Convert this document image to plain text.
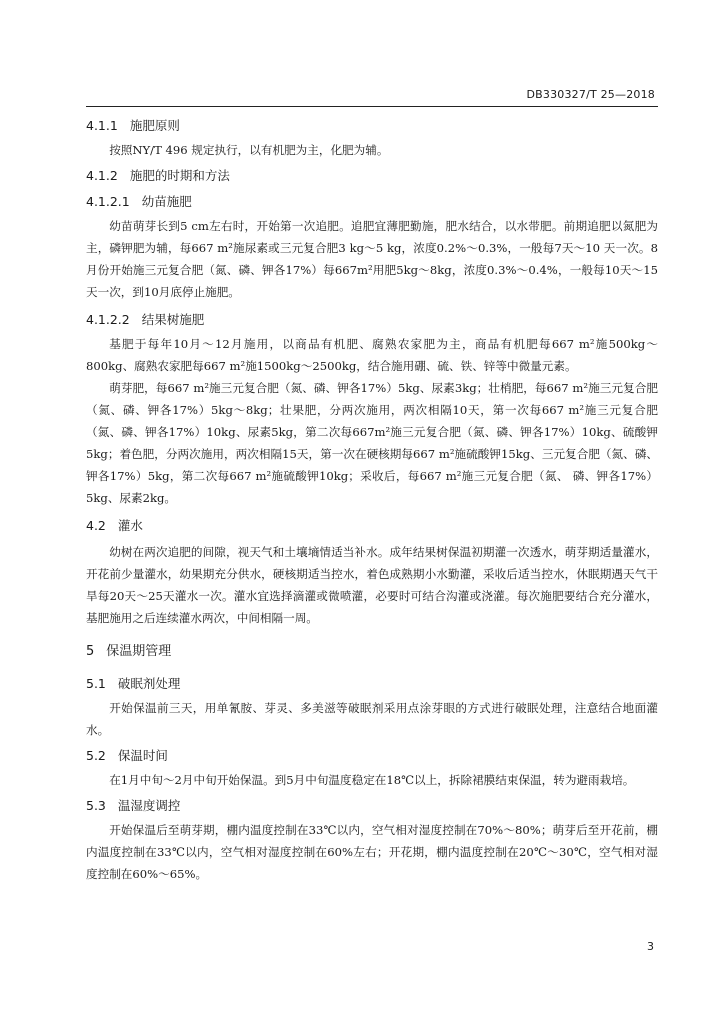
DB330327/T 25—2018
4.1.1 施肥原则
按照NY/T 496 规定执行，以有机肥为主，化肥为辅。
4.1.2 施肥的时期和方法
4.1.2.1 幼苗施肥
幼苗萌芽长到5 cm左右时，开始第一次追肥。追肥宜薄肥勤施，肥水结合，以水带肥。前期追肥以氮肥为主，磷钾肥为辅，每667 m²施尿素或三元复合肥3 kg～5 kg，浓度0.2%～0.3%，一般每7天～10 天一次。8月份开始施三元复合肥（氮、磷、钾各17%）每667m²用肥5kg～8kg，浓度0.3%～0.4%，一般每10天～15天一次，到10月底停止施肥。
4.1.2.2 结果树施肥
基肥于每年10月～12月施用，以商品有机肥、腐熟农家肥为主，商品有机肥每667 m²施500kg～800kg、腐熟农家肥每667 m²施1500kg～2500kg，结合施用硼、硫、铁、锌等中微量元素。
萌芽肥，每667 m²施三元复合肥（氮、磷、钾各17%）5kg、尿素3kg；壮梢肥，每667 m²施三元复合肥（氮、磷、钾各17%）5kg～8kg；壮果肥，分两次施用，两次相隔10天，第一次每667 m²施三元复合肥（氮、磷、钾各17%）10kg、尿素5kg，第二次每667m²施三元复合肥（氮、磷、钾各17%）10kg、硫酸钾5kg；着色肥，分两次施用，两次相隔15天，第一次在硬核期每667 m²施硫酸钾15kg、三元复合肥（氮、磷、钾各17%）5kg，第二次每667 m²施硫酸钾10kg；采收后，每667 m²施三元复合肥（氮、 磷、钾各17%）5kg、尿素2kg。
4.2 灌水
幼树在两次追肥的间隙，视天气和土壤墒情适当补水。成年结果树保温初期灌一次透水，萌芽期适量灌水，开花前少量灌水，幼果期充分供水，硬核期适当控水，着色成熟期小水勤灌，采收后适当控水，休眠期遇天气干旱每20天～25天灌水一次。灌水宜选择滴灌或微喷灌，必要时可结合沟灌或浇灌。每次施肥要结合充分灌水，基肥施用之后连续灌水两次，中间相隔一周。
5 保温期管理
5.1 破眠剂处理
开始保温前三天，用单氰胺、芽灵、多美滋等破眠剂采用点涂芽眼的方式进行破眠处理，注意结合地面灌水。
5.2 保温时间
在1月中旬～2月中旬开始保温。到5月中旬温度稳定在18℃以上，拆除裙膜结束保温，转为避雨栽培。
5.3 温湿度调控
开始保温后至萌芽期，棚内温度控制在33℃以内，空气相对湿度控制在70%～80%；萌芽后至开花前，棚内温度控制在33℃以内，空气相对湿度控制在60%左右；开花期，棚内温度控制在20℃～30℃，空气相对湿度控制在60%～65%。
3
